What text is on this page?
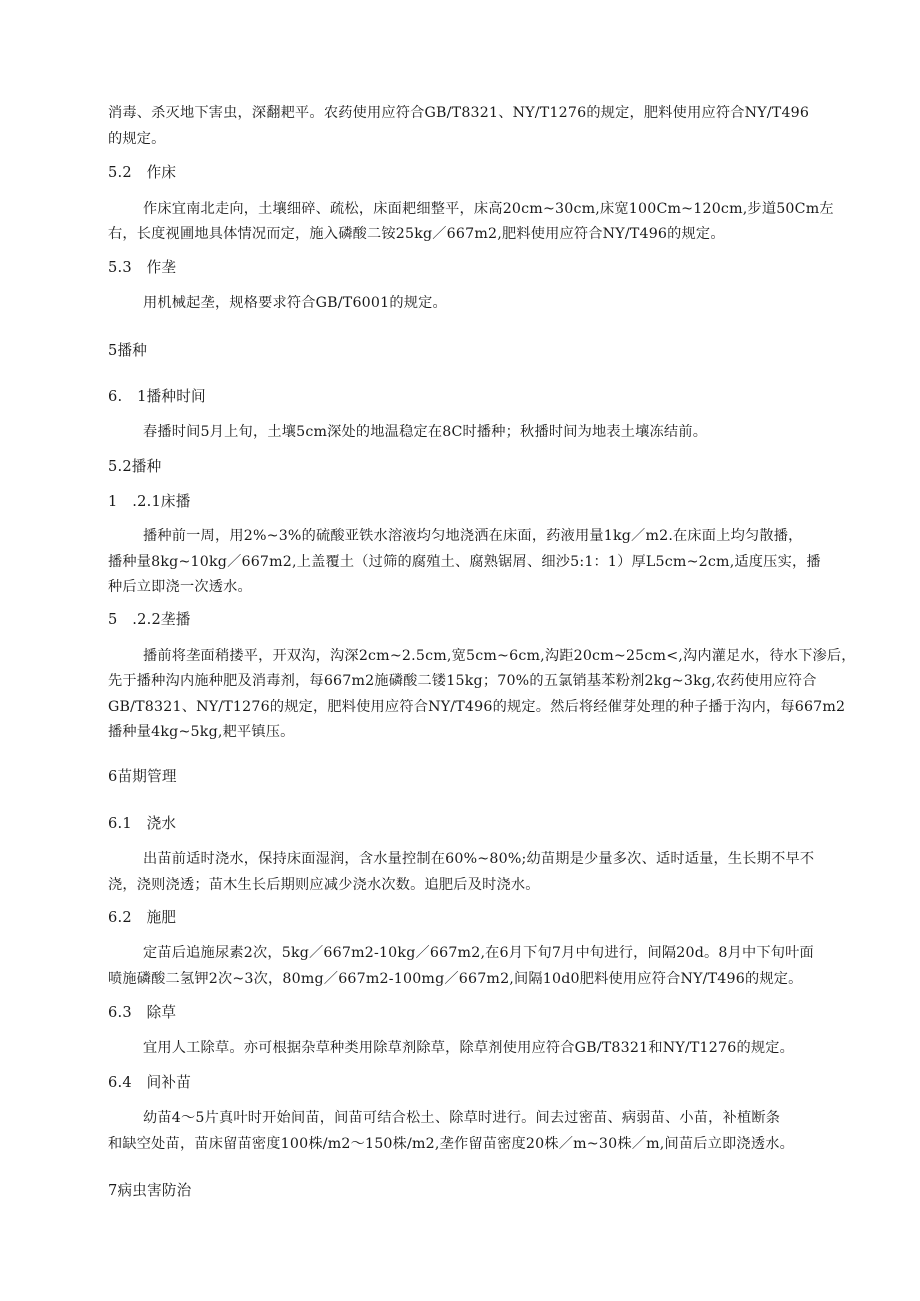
消毒、杀灭地下害虫，深翻耙平。农药使用应符合GB/T8321、NY/T1276的规定，肥料使用应符合NY/T496

的规定。

5.2　作床

作床宜南北走向，土壤细碎、疏松，床面耙细整平，床高20cm~30cm,床宽100Cm~120cm,步道50Cm左

右，长度视圃地具体情况而定，施入磷酸二铵25kg／667m2,肥料使用应符合NY/T496的规定。

5.3　作垄

用机械起垄，规格要求符合GB/T6001的规定。

5播种

6.　1播种时间

春播时间5月上旬，土壤5cm深处的地温稳定在8C时播种；秋播时间为地表土壤冻结前。

5.2播种

1　.2.1床播

播种前一周，用2%~3%的硫酸亚铁水溶液均匀地浇洒在床面，药液用量1kg／m2.在床面上均匀散播，

播种量8kg~10kg／667m2,上盖覆土（过筛的腐殖土、腐熟锯屑、细沙5:1：1）厚L5cm~2cm,适度压实，播

种后立即浇一次透水。

5　.2.2垄播

播前将垄面稍搂平，开双沟，沟深2cm~2.5cm,宽5cm~6cm,沟距20cm~25cm<,沟内灌足水，待水下渗后，

先于播种沟内施种肥及消毒剂，每667m2施磷酸二镂15kg；70%的五氯销基苯粉剂2kg~3kg,农药使用应符合

GB/T8321、NY/T1276的规定，肥料使用应符合NY/T496的规定。然后将经催芽处理的种子播于沟内，每667m2

播种量4kg~5kg,耙平镇压。

6苗期管理

6.1　浇水

出苗前适时浇水，保持床面湿润，含水量控制在60%~80%;幼苗期是少量多次、适时适量，生长期不早不

浇，浇则浇透；苗木生长后期则应减少浇水次数。追肥后及时浇水。

6.2　施肥

定苗后追施尿素2次，5kg／667m2-10kg／667m2,在6月下旬7月中旬进行，间隔20d。8月中下旬叶面

喷施磷酸二氢钾2次~3次，80mg／667m2-100mg／667m2,间隔10d0肥料使用应符合NY/T496的规定。

6.3　除草

宜用人工除草。亦可根据杂草种类用除草剂除草，除草剂使用应符合GB/T8321和NY/T1276的规定。

6.4　间补苗

幼苗4～5片真叶时开始间苗，间苗可结合松土、除草时进行。间去过密苗、病弱苗、小苗，补植断条

和缺空处苗，苗床留苗密度100株/m2～150株/m2,垄作留苗密度20株／m~30株／m,间苗后立即浇透水。

7病虫害防治
